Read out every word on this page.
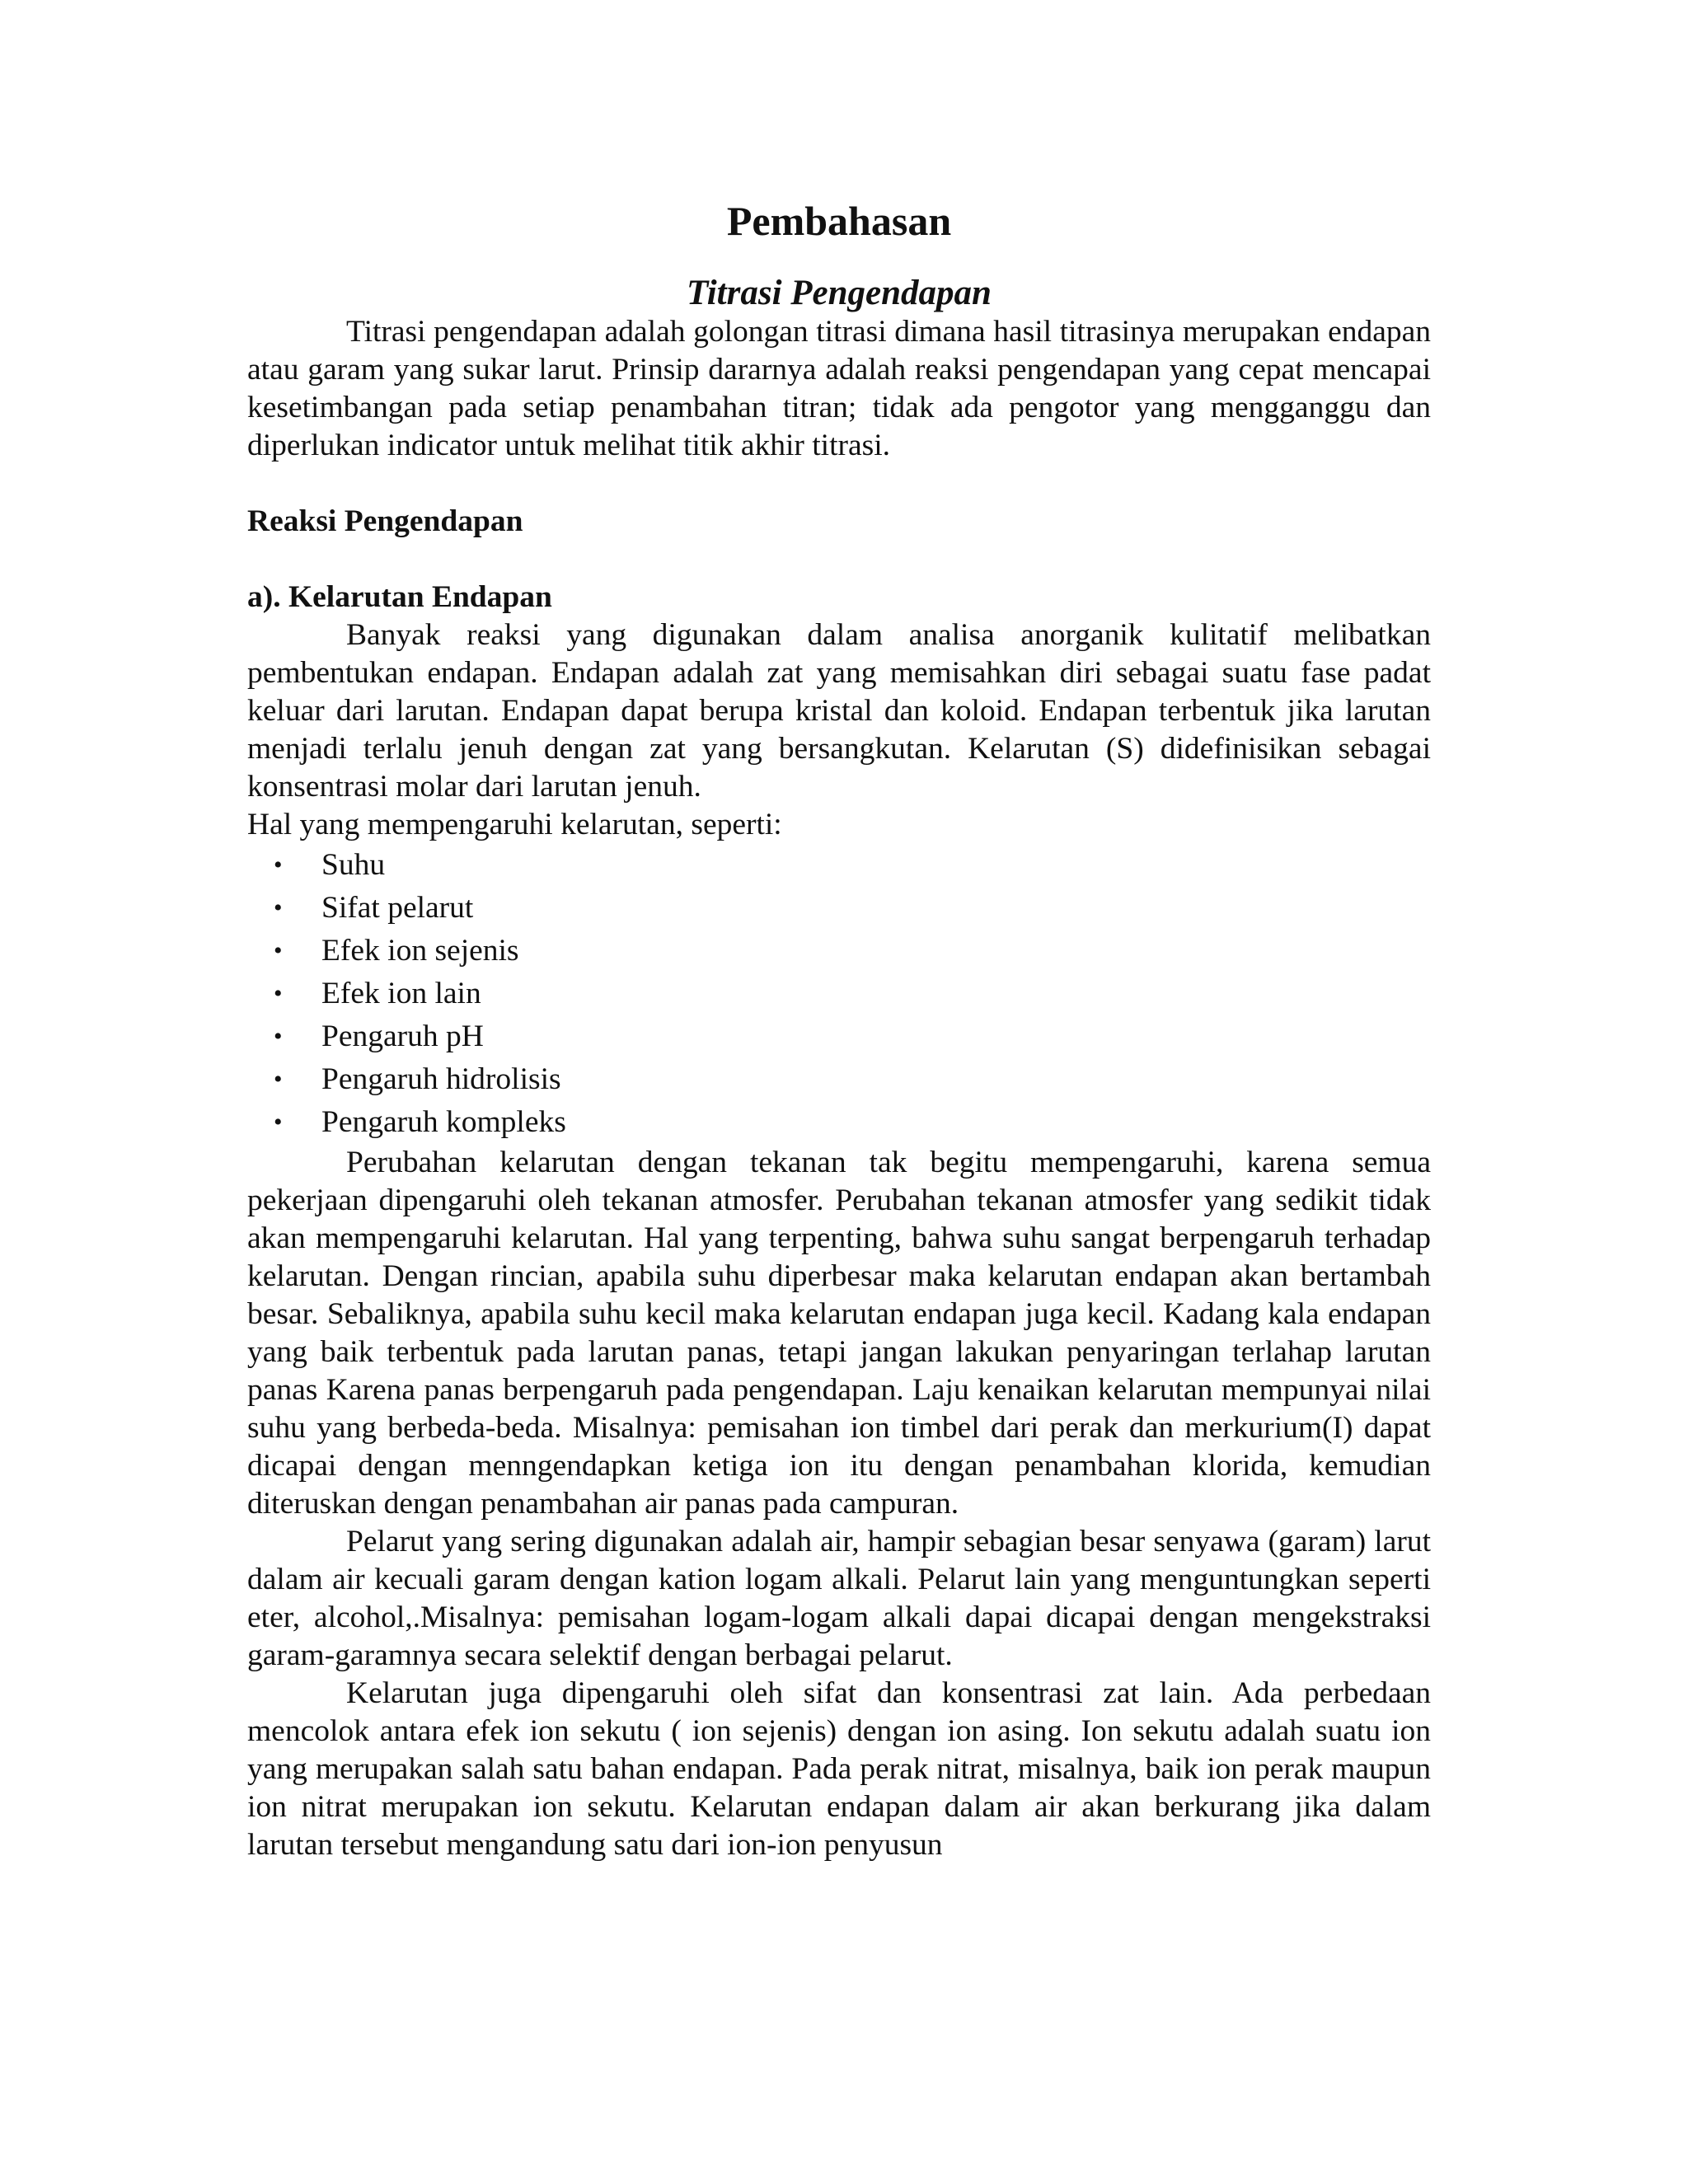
Pembahasan
Titrasi Pengendapan

Titrasi pengendapan adalah golongan titrasi dimana hasil titrasinya merupakan endapan atau garam yang sukar larut. Prinsip dararnya adalah reaksi pengendapan yang cepat mencapai kesetimbangan pada setiap penambahan titran; tidak ada pengotor yang mengganggu dan diperlukan indicator untuk melihat titik akhir titrasi.

Reaksi Pengendapan
a). Kelarutan Endapan

Banyak reaksi yang digunakan dalam analisa anorganik kulitatif melibatkan pembentukan endapan. Endapan adalah zat yang memisahkan diri sebagai suatu fase padat keluar dari larutan. Endapan dapat berupa kristal dan koloid. Endapan terbentuk jika larutan menjadi terlalu jenuh dengan zat yang bersangkutan. Kelarutan (S) didefinisikan sebagai konsentrasi molar dari larutan jenuh.

Hal yang mempengaruhi kelarutan, seperti:

• Suhu
• Sifat pelarut
• Efek ion sejenis
• Efek ion lain
• Pengaruh pH
• Pengaruh hidrolisis
• Pengaruh kompleks

Perubahan kelarutan dengan tekanan tak begitu mempengaruhi, karena semua pekerjaan dipengaruhi oleh tekanan atmosfer. Perubahan tekanan atmosfer yang sedikit tidak akan mempengaruhi kelarutan. Hal yang terpenting, bahwa suhu sangat berpengaruh terhadap kelarutan. Dengan rincian, apabila suhu diperbesar maka kelarutan endapan akan bertambah besar. Sebaliknya, apabila suhu kecil maka kelarutan endapan juga kecil. Kadang kala endapan yang baik terbentuk pada larutan panas, tetapi jangan lakukan penyaringan terlahap larutan panas Karena panas berpengaruh pada pengendapan. Laju kenaikan kelarutan mempunyai nilai suhu yang berbeda-beda. Misalnya: pemisahan ion timbel dari perak dan merkurium(I) dapat dicapai dengan menngendapkan ketiga ion itu dengan penambahan klorida, kemudian diteruskan dengan penambahan air panas pada campuran.

Pelarut yang sering digunakan adalah air, hampir sebagian besar senyawa (garam) larut dalam air kecuali garam dengan kation logam alkali. Pelarut lain yang menguntungkan seperti eter, alcohol,.Misalnya: pemisahan logam-logam alkali dapai dicapai dengan mengekstraksi garam-garamnya secara selektif dengan berbagai pelarut.

Kelarutan juga dipengaruhi oleh sifat dan konsentrasi zat lain. Ada perbedaan mencolok antara efek ion sekutu ( ion sejenis) dengan ion asing. Ion sekutu adalah suatu ion yang merupakan salah satu bahan endapan. Pada perak nitrat, misalnya, baik ion perak maupun ion nitrat merupakan ion sekutu. Kelarutan endapan dalam air akan berkurang jika dalam larutan tersebut mengandung satu dari ion-ion penyusun
